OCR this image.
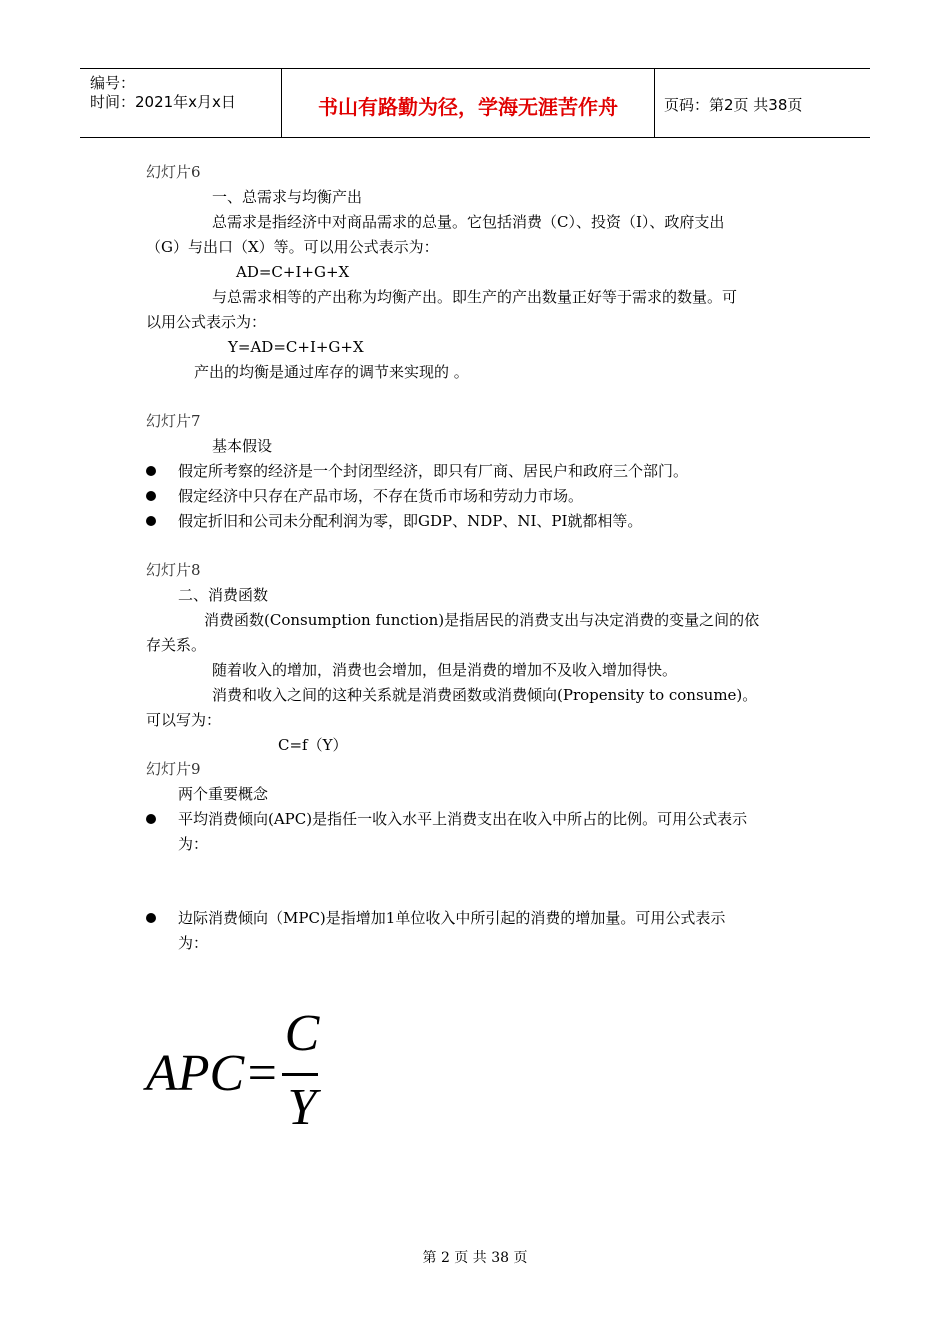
编号：
时间：2021年x月x日	书山有路勤为径，学海无涯苦作舟	页码：第2页 共38页
幻灯片6
一、总需求与均衡产出
总需求是指经济中对商品需求的总量。它包括消费（C）、投资（I）、政府支出
（G）与出口（X）等。可以用公式表示为：
AD=C+I+G+X
与总需求相等的产出称为均衡产出。即生产的产出数量正好等于需求的数量。可
以用公式表示为：
Y=AD=C+I+G+X
产出的均衡是通过库存的调节来实现的 。
幻灯片7
基本假设
假定所考察的经济是一个封闭型经济，即只有厂商、居民户和政府三个部门。
假定经济中只存在产品市场，不存在货币市场和劳动力市场。
假定折旧和公司未分配利润为零，即GDP、NDP、NI、PI就都相等。
幻灯片8
二、消费函数
消费函数(Consumption function)是指居民的消费支出与决定消费的变量之间的依
存关系。
随着收入的增加，消费也会增加，但是消费的增加不及收入增加得快。
消费和收入之间的这种关系就是消费函数或消费倾向(Propensity to consume)。
可以写为：
C=f（Y）
幻灯片9
两个重要概念
平均消费倾向(APC)是指任一收入水平上消费支出在收入中所占的比例。可用公式表示
为：
边际消费倾向（MPC)是指增加1单位收入中所引起的消费的增加量。可用公式表示
为：
APC=
C
Y
第 2 页 共 38 页
